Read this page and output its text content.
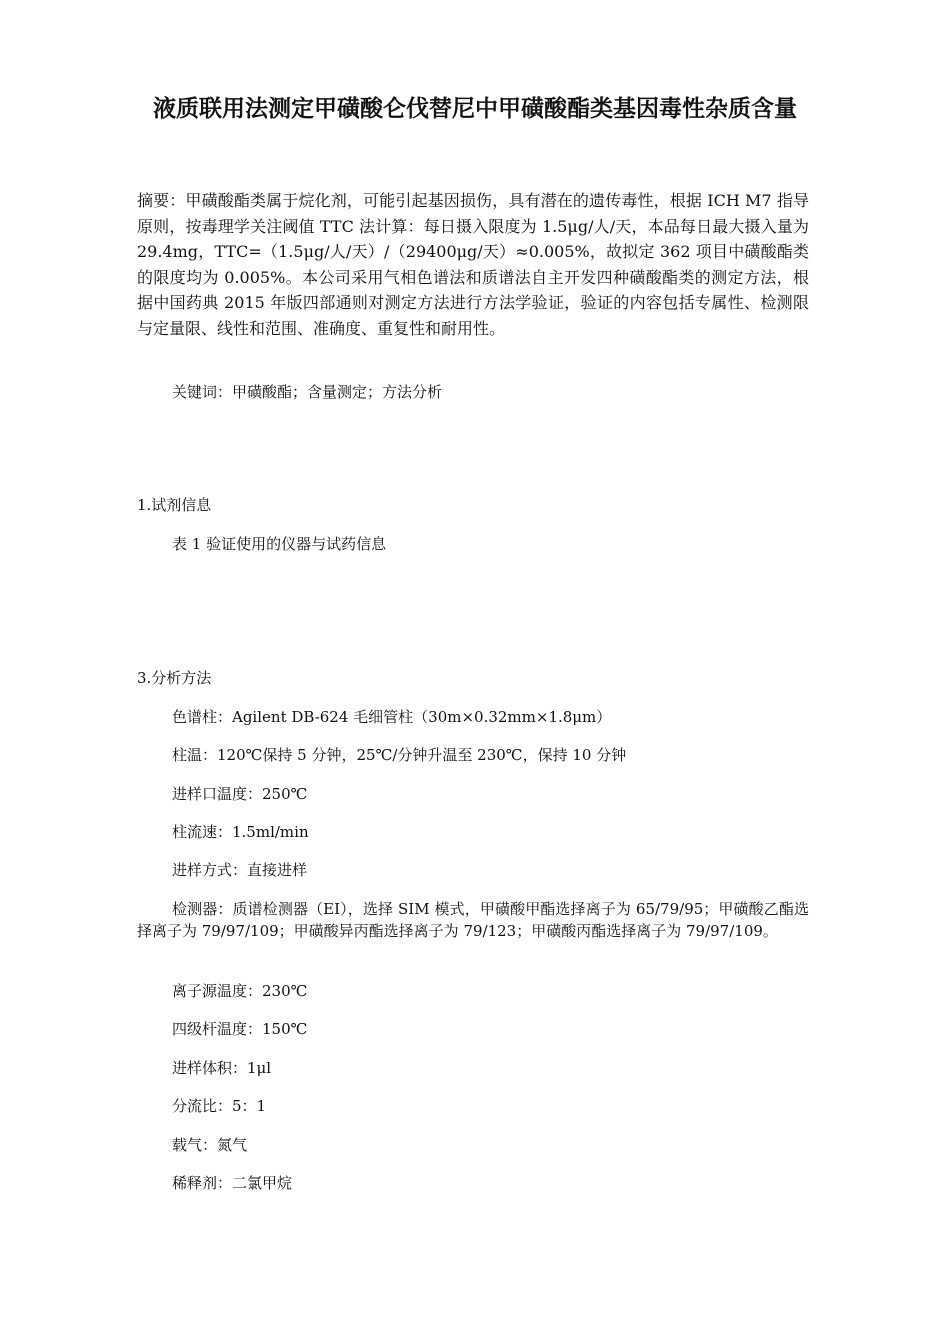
液质联用法测定甲磺酸仑伐替尼中甲磺酸酯类基因毒性杂质含量

摘要：甲磺酸酯类属于烷化剂，可能引起基因损伤，具有潜在的遗传毒性，根据 ICH M7 指导原则，按毒理学关注阈值 TTC 法计算：每日摄入限度为 1.5μg/人/天，本品每日最大摄入量为 29.4mg，TTC=（1.5μg/人/天）/（29400μg/天）≈0.005%，故拟定 362 项目中磺酸酯类的限度均为 0.005%。本公司采用气相色谱法和质谱法自主开发四种磺酸酯类的测定方法，根据中国药典 2015 年版四部通则对测定方法进行方法学验证，验证的内容包括专属性、检测限与定量限、线性和范围、准确度、重复性和耐用性。

关键词：甲磺酸酯；含量测定；方法分析

1.试剂信息

表 1 验证使用的仪器与试药信息

3.分析方法

色谱柱：Agilent DB-624 毛细管柱（30m×0.32mm×1.8μm）

柱温：120℃保持 5 分钟，25℃/分钟升温至 230℃，保持 10 分钟

进样口温度：250℃

柱流速：1.5ml/min

进样方式：直接进样

检测器：质谱检测器（EI），选择 SIM 模式，甲磺酸甲酯选择离子为 65/79/95；甲磺酸乙酯选择离子为 79/97/109；甲磺酸异丙酯选择离子为 79/123；甲磺酸丙酯选择离子为 79/97/109。

离子源温度：230℃

四级杆温度：150℃

进样体积：1μl

分流比：5：1

载气：氮气

稀释剂：二氯甲烷
